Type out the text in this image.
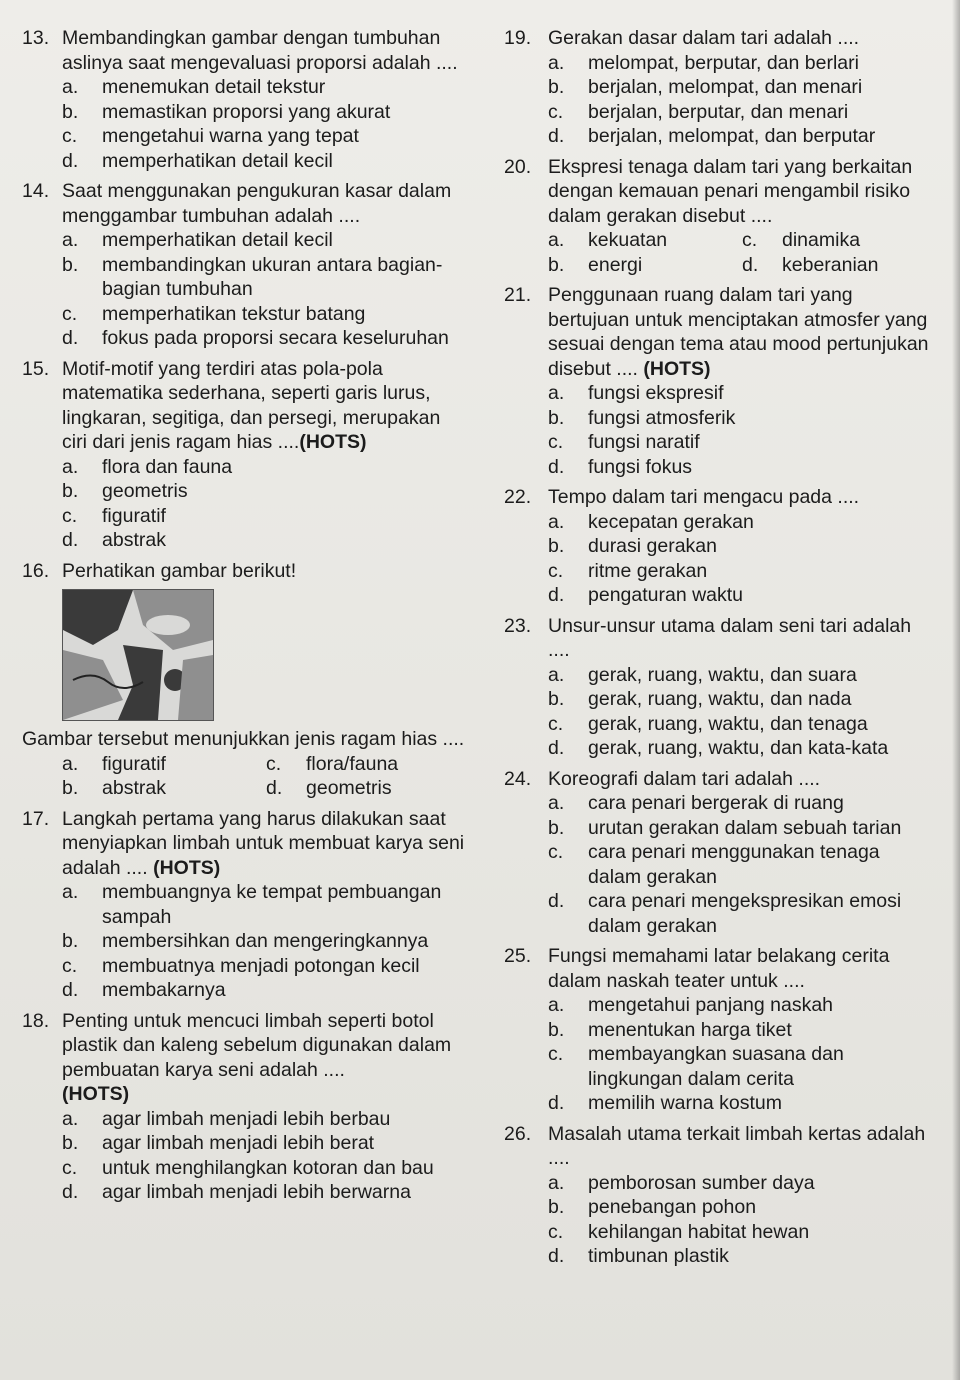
13. Membandingkan gambar dengan tumbuhan aslinya saat mengevaluasi proporsi adalah ....
a.	menemukan detail tekstur
b.	memastikan proporsi yang akurat
c.	mengetahui warna yang tepat
d.	memperhatikan detail kecil
14. Saat menggunakan pengukuran kasar dalam menggambar tumbuhan adalah ....
a.	memperhatikan detail kecil
b.	membandingkan ukuran antara bagian-bagian tumbuhan
c.	memperhatikan tekstur batang
d.	fokus pada proporsi secara keseluruhan
15. Motif-motif yang terdiri atas pola-pola matematika sederhana, seperti garis lurus, lingkaran, segitiga, dan persegi, merupakan ciri dari jenis ragam hias ....(HOTS)
a.	flora dan fauna
b.	geometris
c.	figuratif
d.	abstrak
16. Perhatikan gambar berikut!
Gambar tersebut menunjukkan jenis ragam hias ....
a.	figuratif	c.	flora/fauna
b.	abstrak	d.	geometris
17. Langkah pertama yang harus dilakukan saat menyiapkan limbah untuk membuat karya seni adalah .... (HOTS)
a.	membuangnya ke tempat pembuangan sampah
b.	membersihkan dan mengeringkannya
c.	membuatnya menjadi potongan kecil
d.	membakarnya
18. Penting untuk mencuci limbah seperti botol plastik dan kaleng sebelum digunakan dalam pembuatan karya seni adalah ....
(HOTS)
a.	agar limbah menjadi lebih berbau
b.	agar limbah menjadi lebih berat
c.	untuk menghilangkan kotoran dan bau
d.	agar limbah menjadi lebih berwarna
19. Gerakan dasar dalam tari adalah ....
a.	melompat, berputar, dan berlari
b.	berjalan, melompat, dan menari
c.	berjalan, berputar, dan menari
d.	berjalan, melompat, dan berputar
20. Ekspresi tenaga dalam tari yang berkaitan dengan kemauan penari mengambil risiko dalam gerakan disebut ....
a.	kekuatan	c.	dinamika
b.	energi	d.	keberanian
21. Penggunaan ruang dalam tari yang bertujuan untuk menciptakan atmosfer yang sesuai dengan tema atau mood pertunjukan disebut .... (HOTS)
a.	fungsi ekspresif
b.	fungsi atmosferik
c.	fungsi naratif
d.	fungsi fokus
22. Tempo dalam tari mengacu pada ....
a.	kecepatan gerakan
b.	durasi gerakan
c.	ritme gerakan
d.	pengaturan waktu
23. Unsur-unsur utama dalam seni tari adalah ....
a.	gerak, ruang, waktu, dan suara
b.	gerak, ruang, waktu, dan nada
c.	gerak, ruang, waktu, dan tenaga
d.	gerak, ruang, waktu, dan kata-kata
24. Koreografi dalam tari adalah ....
a.	cara penari bergerak di ruang
b.	urutan gerakan dalam sebuah tarian
c.	cara penari menggunakan tenaga dalam gerakan
d.	cara penari mengekspresikan emosi dalam gerakan
25. Fungsi memahami latar belakang cerita dalam naskah teater untuk ....
a.	mengetahui panjang naskah
b.	menentukan harga tiket
c.	membayangkan suasana dan lingkungan dalam cerita
d.	memilih warna kostum
26. Masalah utama terkait limbah kertas adalah ....
a.	pemborosan sumber daya
b.	penebangan pohon
c.	kehilangan habitat hewan
d.	timbunan plastik
